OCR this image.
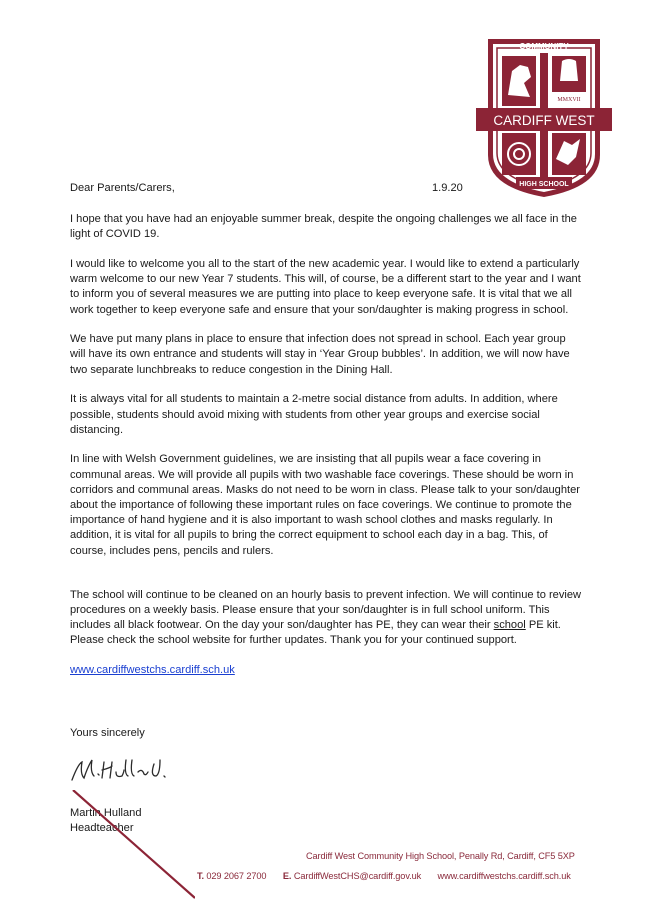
COMMUNITY
MMXVII
CARDIFF WEST
HIGH SCHOOL
Dear Parents/Carers,	1.9.20

I hope that you have had an enjoyable summer break, despite the ongoing challenges we all face in the light of COVID 19.

I would like to welcome you all to the start of the new academic year. I would like to extend a particularly warm welcome to our new Year 7 students. This will, of course, be a different start to the year and I want to inform you of several measures we are putting into place to keep everyone safe. It is vital that we all work together to keep everyone safe and ensure that your son/daughter is making progress in school.

We have put many plans in place to ensure that infection does not spread in school. Each year group will have its own entrance and students will stay in ‘Year Group bubbles’. In addition, we will now have two separate lunchbreaks to reduce congestion in the Dining Hall.

It is always vital for all students to maintain a 2-metre social distance from adults. In addition, where possible, students should avoid mixing with students from other year groups and exercise social distancing.

In line with Welsh Government guidelines, we are insisting that all pupils wear a face covering in communal areas. We will provide all pupils with two washable face coverings. These should be worn in corridors and communal areas. Masks do not need to be worn in class. Please talk to your son/daughter about the importance of following these important rules on face coverings. We continue to promote the importance of hand hygiene and it is also important to wash school clothes and masks regularly. In addition, it is vital for all pupils to bring the correct equipment to school each day in a bag. This, of course, includes pens, pencils and rulers.

The school will continue to be cleaned on an hourly basis to prevent infection. We will continue to review procedures on a weekly basis. Please ensure that your son/daughter is in full school uniform. This includes all black footwear. On the day your son/daughter has PE, they can wear their school PE kit. Please check the school website for further updates. Thank you for your continued support.

www.cardiffwestchs.cardiff.sch.uk

Yours sincerely
Martin Hulland
Headteacher
Cardiff West Community High School, Penally Rd, Cardiff, CF5 5XP
T. 029 2067 2700 E. CardiffWestCHS@cardiff.gov.uk www.cardiffwestchs.cardiff.sch.uk
